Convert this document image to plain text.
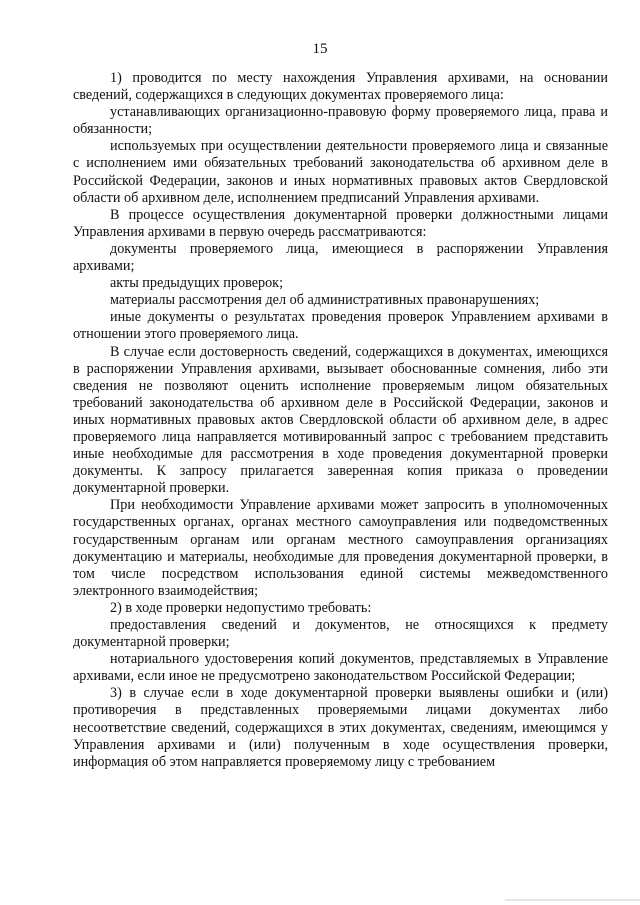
15

1) проводится по месту нахождения Управления архивами, на основании сведений, содержащихся в следующих документах проверяемого лица:

устанавливающих организационно-правовую форму проверяемого лица, права и обязанности;

используемых при осуществлении деятельности проверяемого лица и связанные с исполнением ими обязательных требований законодательства об архивном деле в Российской Федерации, законов и иных нормативных правовых актов Свердловской области об архивном деле, исполнением предписаний Управления архивами.

В процессе осуществления документарной проверки должностными лицами Управления архивами в первую очередь рассматриваются:

документы проверяемого лица, имеющиеся в распоряжении Управления архивами;

акты предыдущих проверок;

материалы рассмотрения дел об административных правонарушениях;

иные документы о результатах проведения проверок Управлением архивами в отношении этого проверяемого лица.

В случае если достоверность сведений, содержащихся в документах, имеющихся в распоряжении Управления архивами, вызывает обоснованные сомнения, либо эти сведения не позволяют оценить исполнение проверяемым лицом обязательных требований законодательства об архивном деле в Российской Федерации, законов и иных нормативных правовых актов Свердловской области об архивном деле, в адрес проверяемого лица направляется мотивированный запрос с требованием представить иные необходимые для рассмотрения в ходе проведения документарной проверки документы. К запросу прилагается заверенная копия приказа о проведении документарной проверки.

При необходимости Управление архивами может запросить в уполномоченных государственных органах, органах местного самоуправления или подведомственных государственным органам или органам местного самоуправления организациях документацию и материалы, необходимые для проведения документарной проверки, в том числе посредством использования единой системы межведомственного электронного взаимодействия;

2) в ходе проверки недопустимо требовать:

предоставления сведений и документов, не относящихся к предмету документарной проверки;

нотариального удостоверения копий документов, представляемых в Управление архивами, если иное не предусмотрено законодательством Российской Федерации;

3) в случае если в ходе документарной проверки выявлены ошибки и (или) противоречия в представленных проверяемыми лицами документах либо несоответствие сведений, содержащихся в этих документах, сведениям, имеющимся у Управления архивами и (или) полученным в ходе осуществления проверки, информация об этом направляется проверяемому лицу с требованием
